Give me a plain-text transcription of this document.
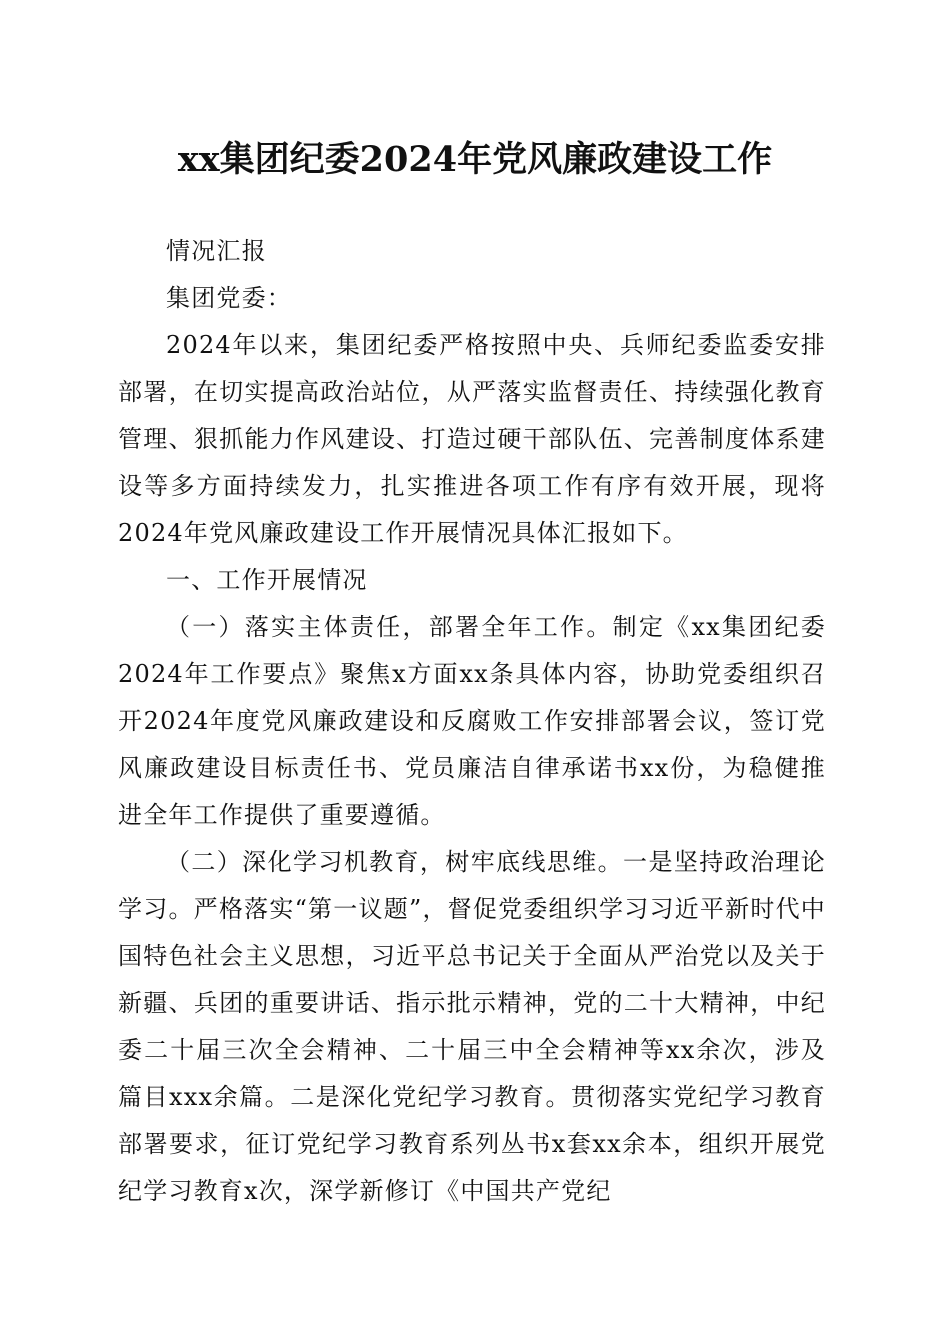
xx集团纪委2024年党风廉政建设工作

情况汇报

集团党委：

2024年以来，集团纪委严格按照中央、兵师纪委监委安排部署，在切实提高政治站位，从严落实监督责任、持续强化教育管理、狠抓能力作风建设、打造过硬干部队伍、完善制度体系建设等多方面持续发力，扎实推进各项工作有序有效开展，现将2024年党风廉政建设工作开展情况具体汇报如下。

一、工作开展情况

（一）落实主体责任，部署全年工作。制定《xx集团纪委2024年工作要点》聚焦x方面xx条具体内容，协助党委组织召开2024年度党风廉政建设和反腐败工作安排部署会议，签订党风廉政建设目标责任书、党员廉洁自律承诺书xx份，为稳健推进全年工作提供了重要遵循。

（二）深化学习机教育，树牢底线思维。一是坚持政治理论学习。严格落实“第一议题”，督促党委组织学习习近平新时代中国特色社会主义思想，习近平总书记关于全面从严治党以及关于新疆、兵团的重要讲话、指示批示精神，党的二十大精神，中纪委二十届三次全会精神、二十届三中全会精神等xx余次，涉及篇目xxx余篇。二是深化党纪学习教育。贯彻落实党纪学习教育部署要求，征订党纪学习教育系列丛书x套xx余本，组织开展党纪学习教育x次，深学新修订《中国共产党纪
